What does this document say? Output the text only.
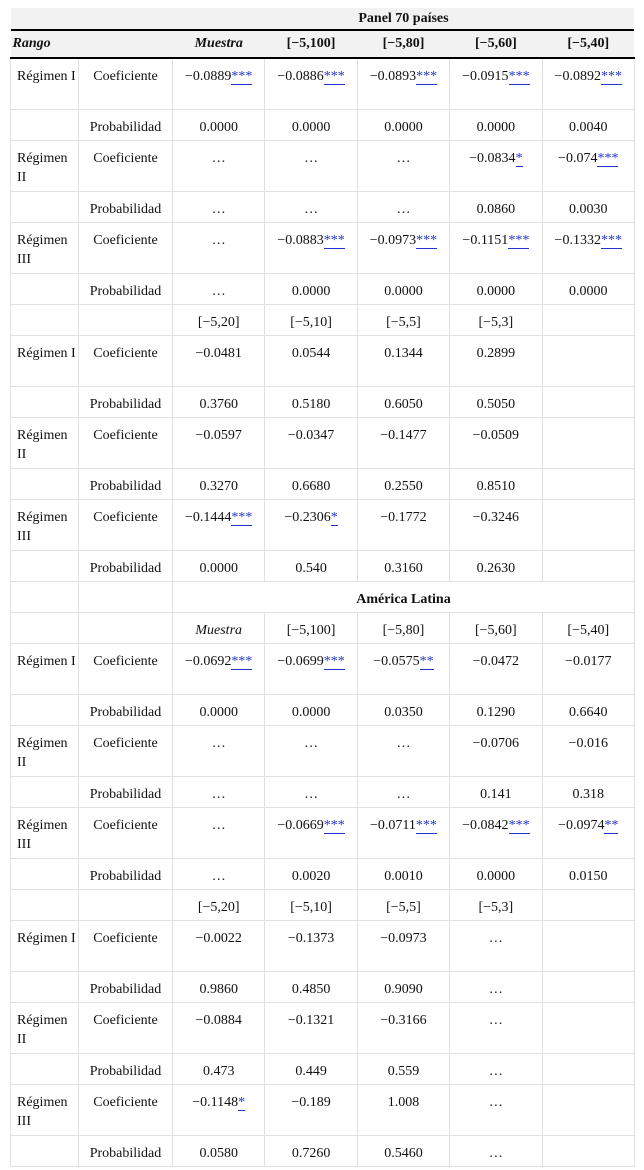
		Panel 70 países				
Rango		Muestra	[−5,100]	[−5,80]	[−5,60]	[−5,40]
Régimen I	Coeficiente	−0.0889***	−0.0886***	−0.0893***	−0.0915***	−0.0892***
	Probabilidad	0.0000	0.0000	0.0000	0.0000	0.0040
Régimen II	Coeficiente	…	…	…	−0.0834*	−0.074***
	Probabilidad	…	…	…	0.0860	0.0030
Régimen III	Coeficiente	…	−0.0883***	−0.0973***	−0.1151***	−0.1332***
	Probabilidad	…	0.0000	0.0000	0.0000	0.0000
		[−5,20]	[−5,10]	[−5,5]	[−5,3]	
Régimen I	Coeficiente	−0.0481	0.0544	0.1344	0.2899	
	Probabilidad	0.3760	0.5180	0.6050	0.5050	
Régimen II	Coeficiente	−0.0597	−0.0347	−0.1477	−0.0509	
	Probabilidad	0.3270	0.6680	0.2550	0.8510	
Régimen III	Coeficiente	−0.1444***	−0.2306*	−0.1772	−0.3246	
	Probabilidad	0.0000	0.540	0.3160	0.2630	
		América Latina				
		Muestra	[−5,100]	[−5,80]	[−5,60]	[−5,40]
Régimen I	Coeficiente	−0.0692***	−0.0699***	−0.0575**	−0.0472	−0.0177
	Probabilidad	0.0000	0.0000	0.0350	0.1290	0.6640
Régimen II	Coeficiente	…	…	…	−0.0706	−0.016
	Probabilidad	…	…	…	0.141	0.318
Régimen III	Coeficiente	…	−0.0669***	−0.0711***	−0.0842***	−0.0974**
	Probabilidad	…	0.0020	0.0010	0.0000	0.0150
		[−5,20]	[−5,10]	[−5,5]	[−5,3]	
Régimen I	Coeficiente	−0.0022	−0.1373	−0.0973	…	
	Probabilidad	0.9860	0.4850	0.9090	…	
Régimen II	Coeficiente	−0.0884	−0.1321	−0.3166	…	
	Probabilidad	0.473	0.449	0.559	…	
Régimen III	Coeficiente	−0.1148*	−0.189	1.008	…	
	Probabilidad	0.0580	0.7260	0.5460	…	
